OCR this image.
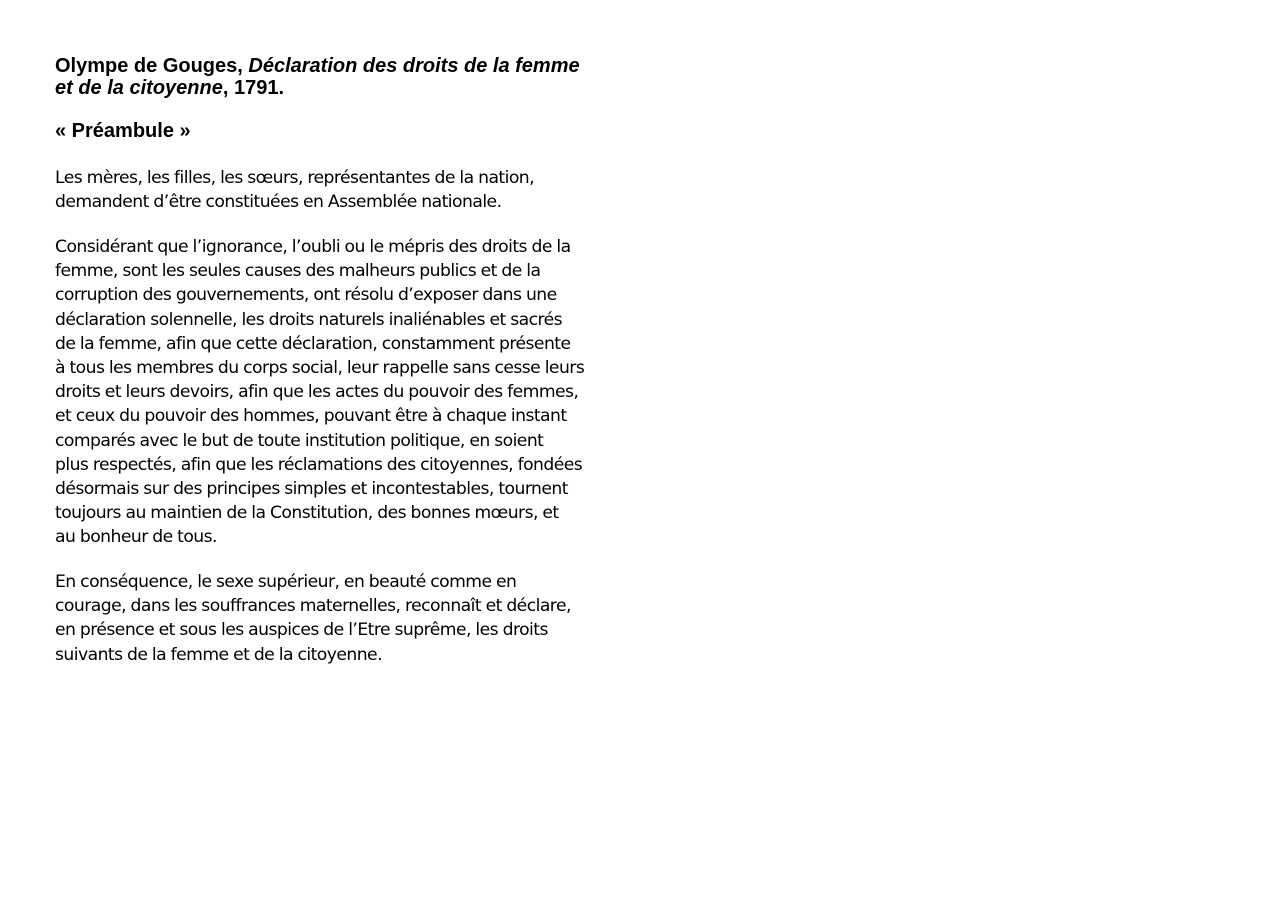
Olympe de Gouges, Déclaration des droits de la femme
et de la citoyenne, 1791.
« Préambule »

Les mères, les filles, les sœurs, représentantes de la nation,
demandent d’être constituées en Assemblée nationale.

Considérant que l’ignorance, l’oubli ou le mépris des droits de la
femme, sont les seules causes des malheurs publics et de la
corruption des gouvernements, ont résolu d’exposer dans une
déclaration solennelle, les droits naturels inaliénables et sacrés
de la femme, afin que cette déclaration, constamment présente
à tous les membres du corps social, leur rappelle sans cesse leurs
droits et leurs devoirs, afin que les actes du pouvoir des femmes,
et ceux du pouvoir des hommes, pouvant être à chaque instant
comparés avec le but de toute institution politique, en soient
plus respectés, afin que les réclamations des citoyennes, fondées
désormais sur des principes simples et incontestables, tournent
toujours au maintien de la Constitution, des bonnes mœurs, et
au bonheur de tous.

En conséquence, le sexe supérieur, en beauté comme en
courage, dans les souffrances maternelles, reconnaît et déclare,
en présence et sous les auspices de l’Etre suprême, les droits
suivants de la femme et de la citoyenne.
